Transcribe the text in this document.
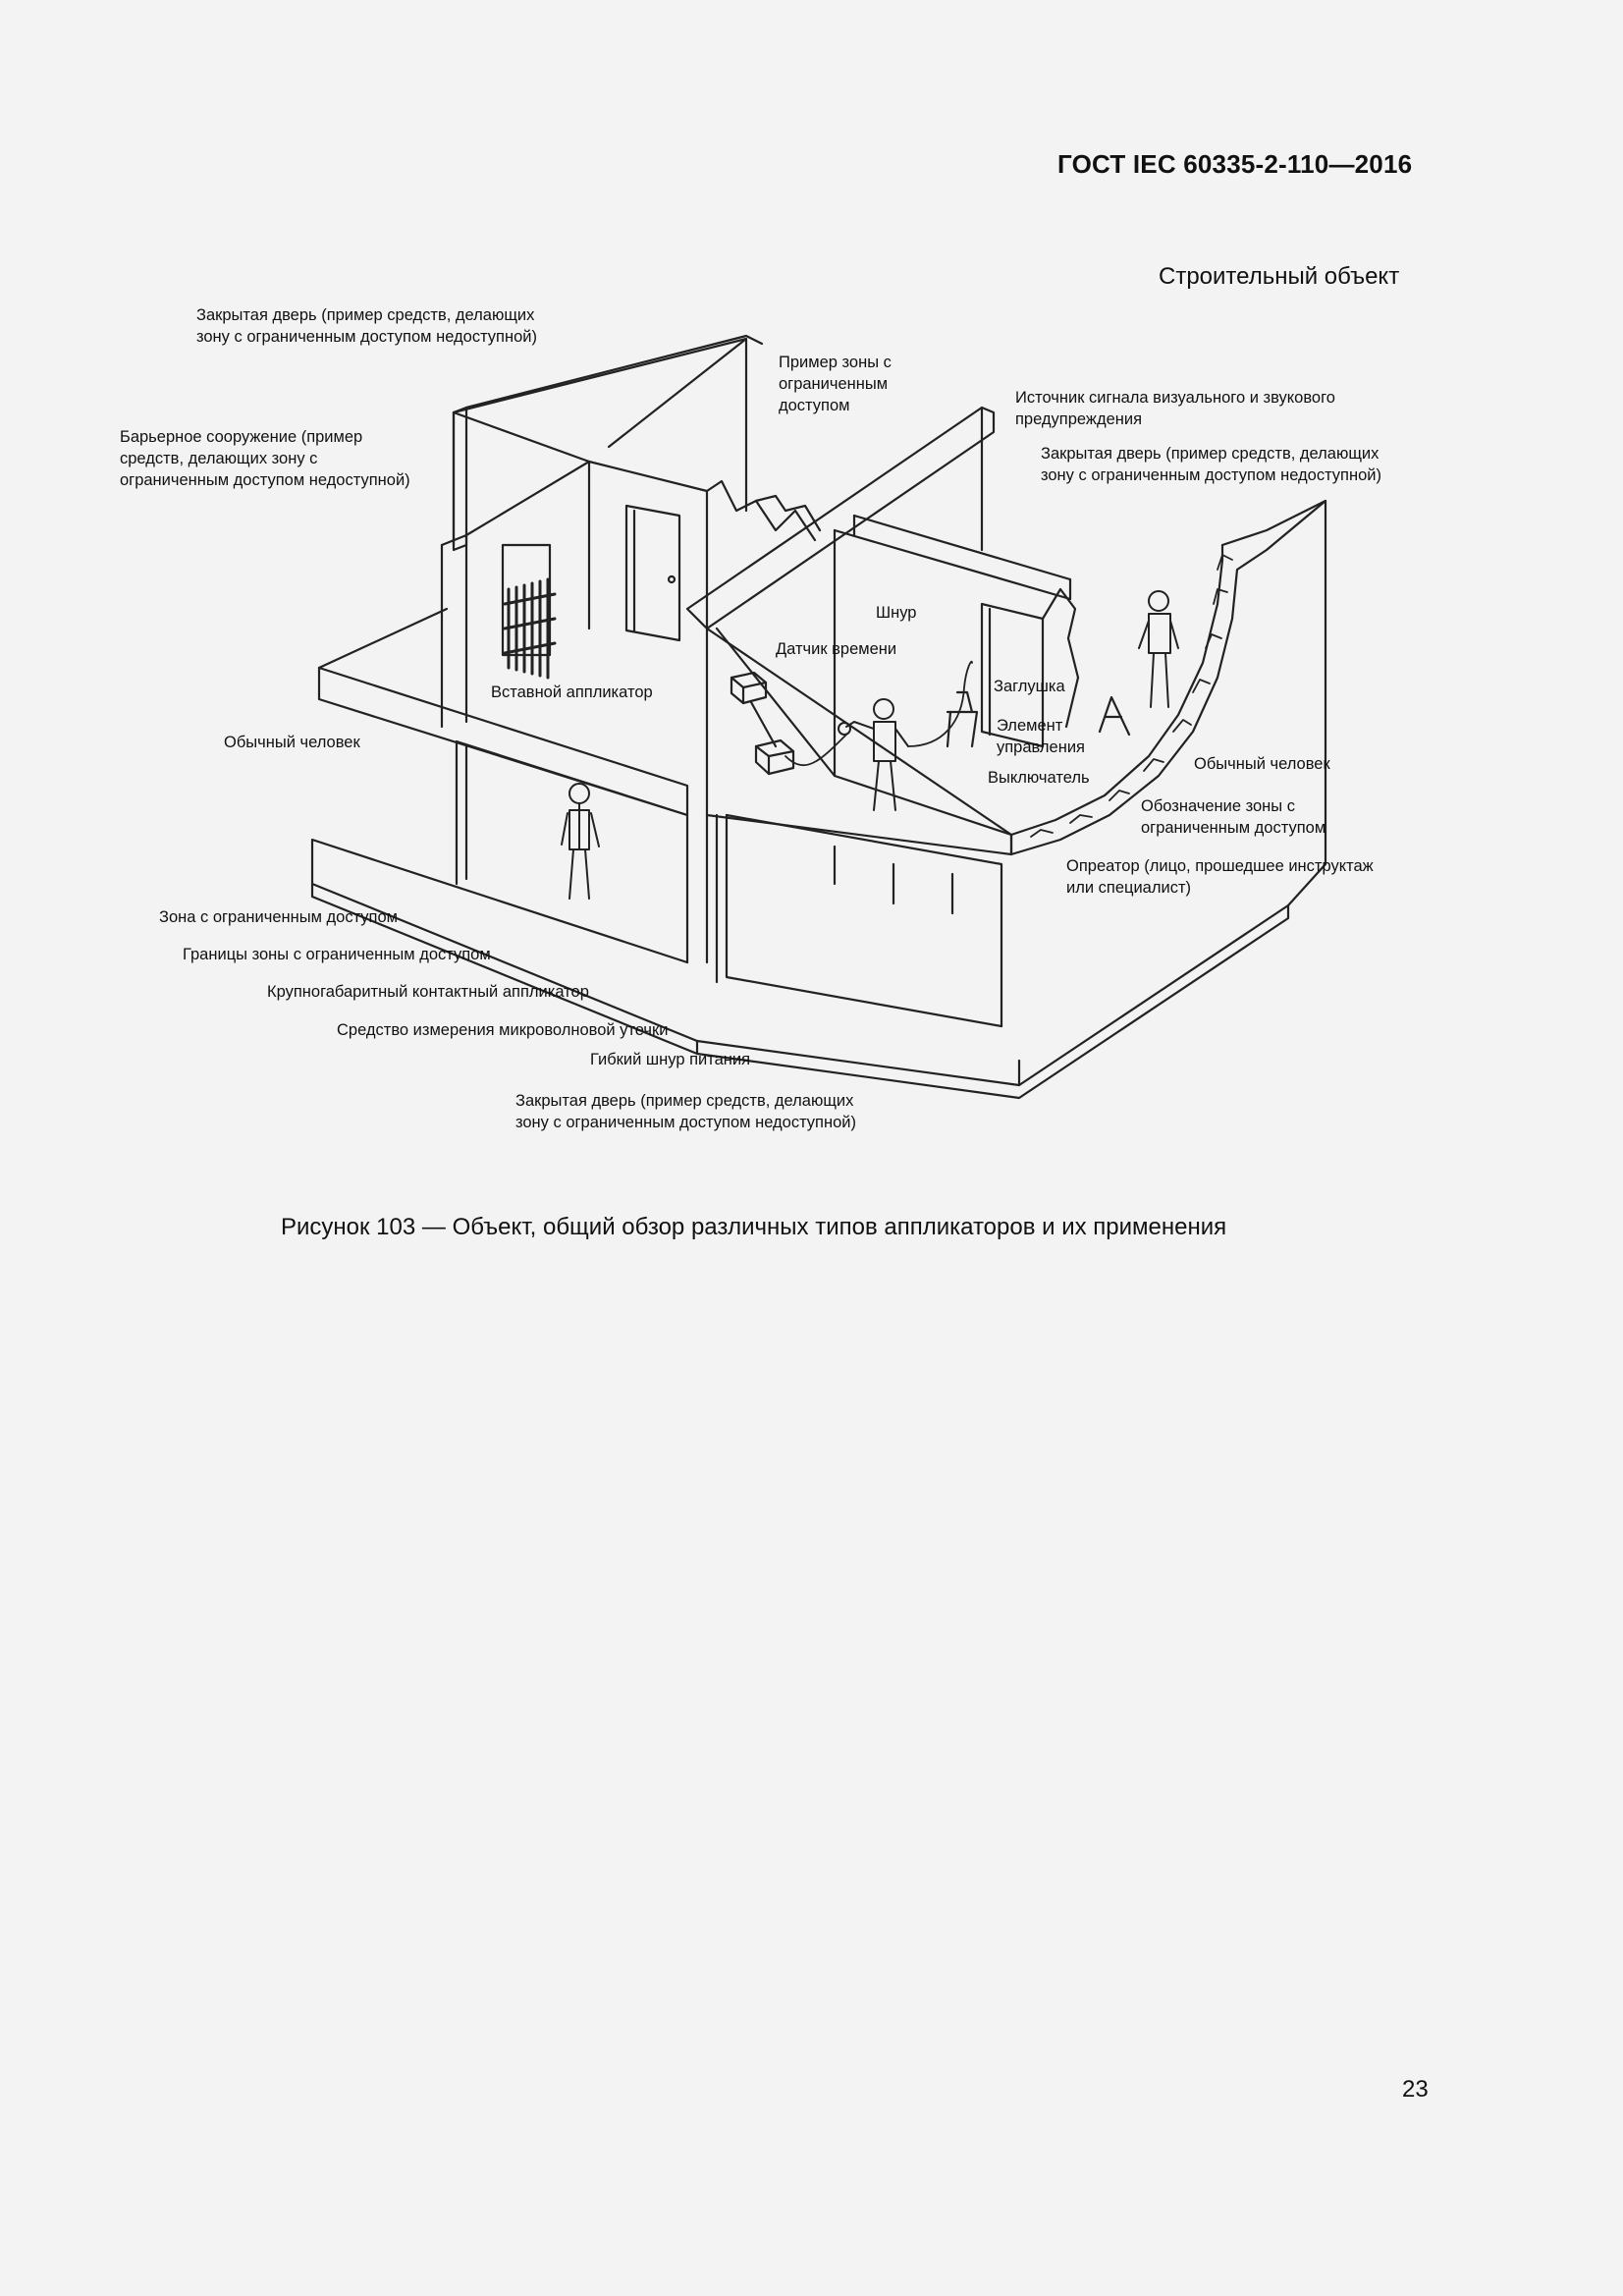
ГОСТ IEC 60335-2-110—2016
Строительный объект
Закрытая дверь (пример средств, делающих
зону с ограниченным доступом недоступной)
Пример зоны с
ограниченным
доступом	Источник сигнала визуального и звукового
предупреждения
Закрытая дверь (пример средств, делающих
зону с ограниченным доступом недоступной)
Барьерное сооружение (пример
средств, делающих зону с
ограниченным доступом недоступной)
Шнур
Датчик времени
Вставной аппликатор	Заглушка
Элемент
управления
Выключатель
Обычный человек
Обычный человек
Обозначение зоны с
ограниченным доступом
Опреатор (лицо, прошедшее инструктаж
или специалист)
Зона с ограниченным доступом
Границы зоны с ограниченным доступом
Крупногабаритный контактный аппликатор
Средство измерения микроволновой утечки
Гибкий шнур питания
Закрытая дверь (пример средств, делающих
зону с ограниченным доступом недоступной)
Рисунок 103 — Объект, общий обзор различных типов аппликаторов и их применения
23
